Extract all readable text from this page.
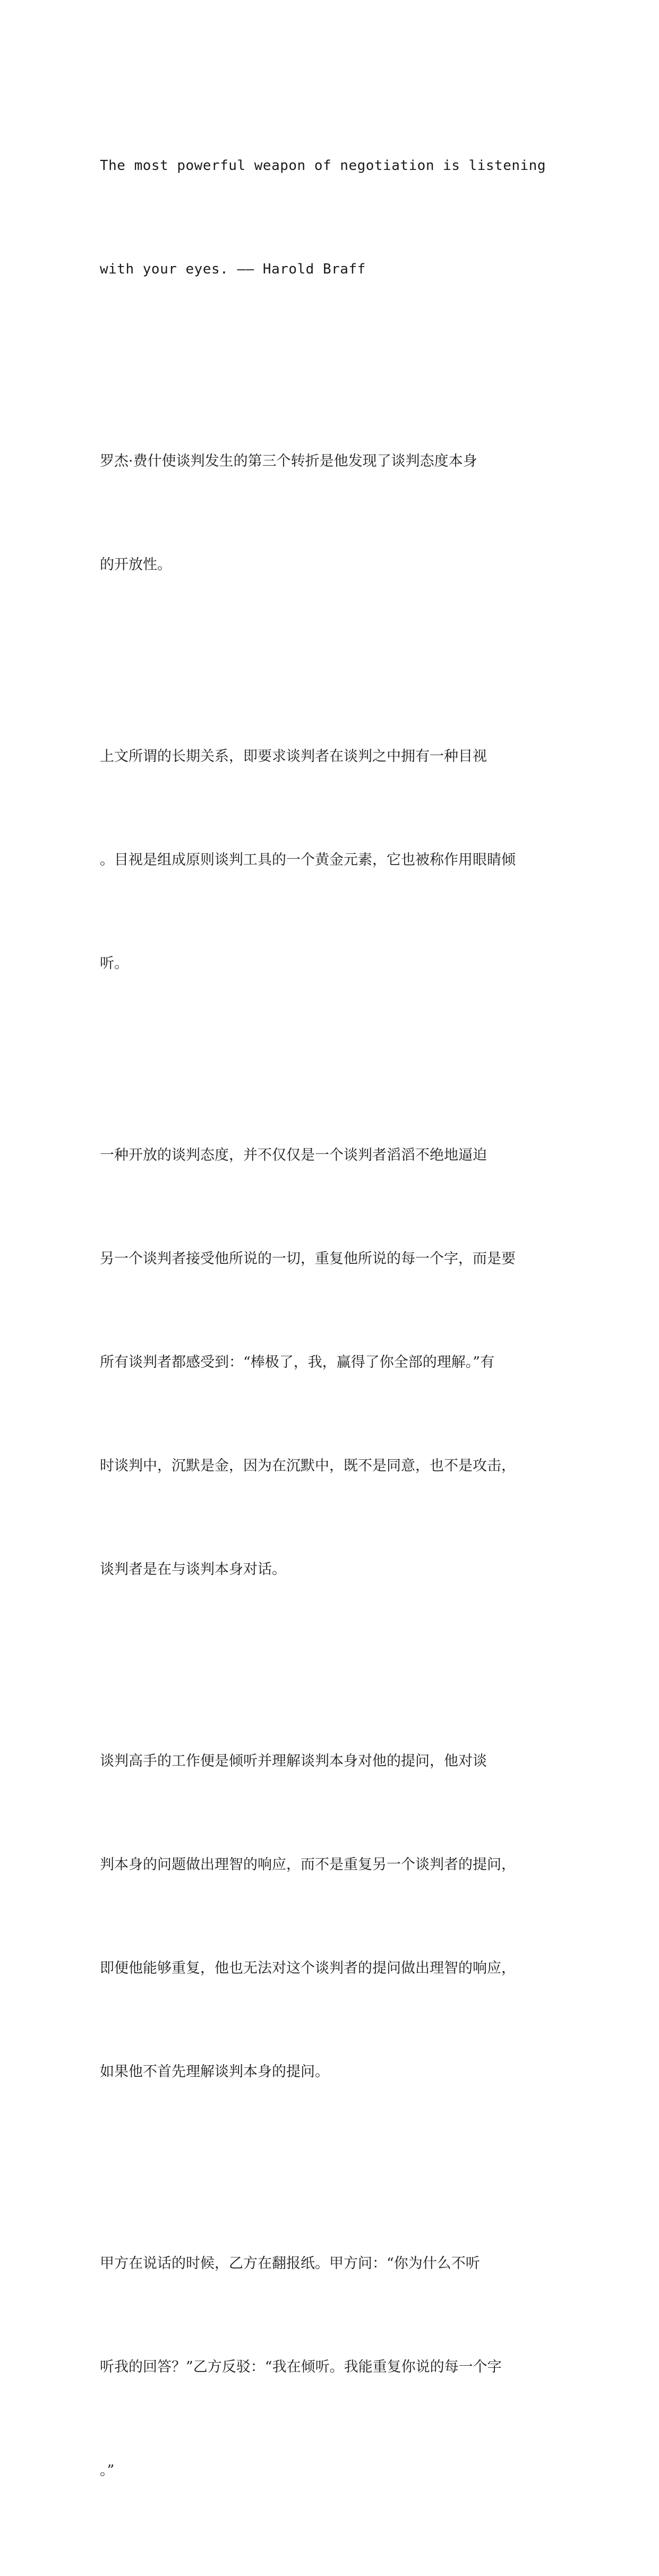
The most powerful weapon of negotiation is listening

with your eyes. —— Harold Braff

罗杰·费什使谈判发生的第三个转折是他发现了谈判态度本身

的开放性。

上文所谓的长期关系，即要求谈判者在谈判之中拥有一种目视

。目视是组成原则谈判工具的一个黄金元素，它也被称作用眼睛倾

听。

一种开放的谈判态度，并不仅仅是一个谈判者滔滔不绝地逼迫

另一个谈判者接受他所说的一切，重复他所说的每一个字，而是要

所有谈判者都感受到：“棒极了，我，赢得了你全部的理解。”有

时谈判中，沉默是金，因为在沉默中，既不是同意，也不是攻击，

谈判者是在与谈判本身对话。

谈判高手的工作便是倾听并理解谈判本身对他的提问，他对谈

判本身的问题做出理智的响应，而不是重复另一个谈判者的提问，

即便他能够重复，他也无法对这个谈判者的提问做出理智的响应，

如果他不首先理解谈判本身的提问。

甲方在说话的时候，乙方在翻报纸。甲方问：“你为什么不听

听我的回答？”乙方反驳：“我在倾听。我能重复你说的每一个字

。”
